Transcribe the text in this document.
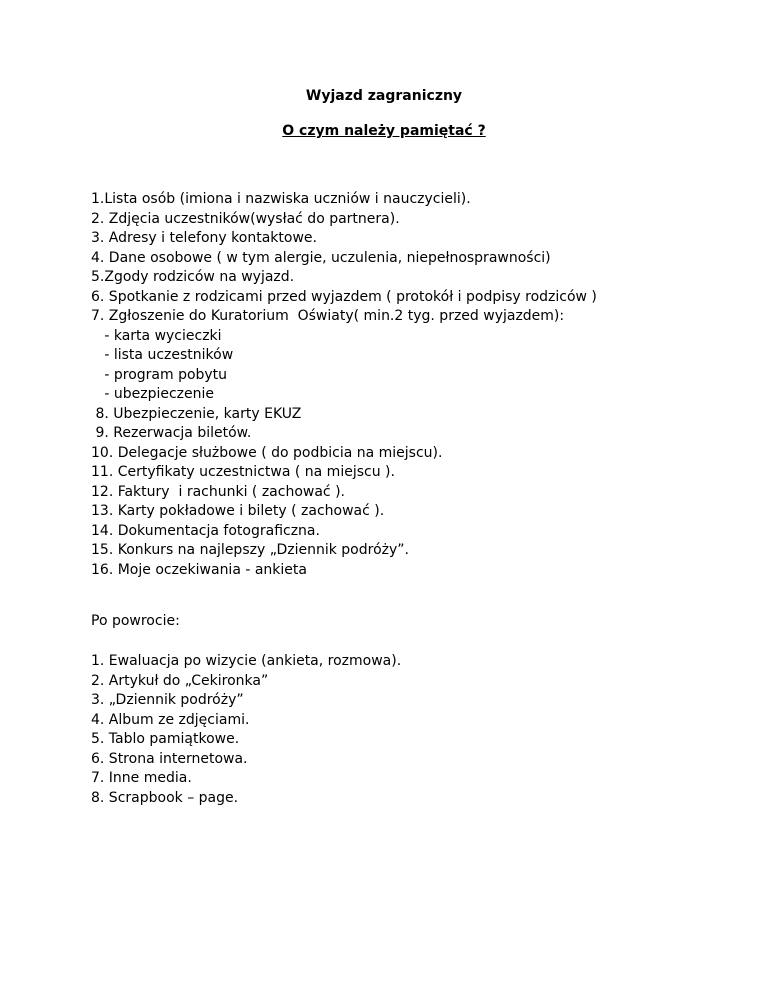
Wyjazd zagraniczny
O czym należy pamiętać ?
1.Lista osób (imiona i nazwiska uczniów i nauczycieli).
2. Zdjęcia uczestników(wysłać do partnera).
3. Adresy i telefony kontaktowe.
4. Dane osobowe ( w tym alergie, uczulenia, niepełnosprawności)
5.Zgody rodziców na wyjazd.
6. Spotkanie z rodzicami przed wyjazdem ( protokół i podpisy rodziców )
7. Zgłoszenie do Kuratorium  Oświaty( min.2 tyg. przed wyjazdem):
- karta wycieczki
- lista uczestników
- program pobytu
- ubezpieczenie
8. Ubezpieczenie, karty EKUZ
9. Rezerwacja biletów.
10. Delegacje służbowe ( do podbicia na miejscu).
11. Certyfikaty uczestnictwa ( na miejscu ).
12. Faktury  i rachunki ( zachować ).
13. Karty pokładowe i bilety ( zachować ).
14. Dokumentacja fotograficzna.
15. Konkurs na najlepszy „Dziennik podróży”.
16. Moje oczekiwania - ankieta

Po powrocie:

1. Ewaluacja po wizycie (ankieta, rozmowa).
2. Artykuł do „Cekironka”
3. „Dziennik podróży”
4. Album ze zdjęciami.
5. Tablo pamiątkowe.
6. Strona internetowa.
7. Inne media.
8. Scrapbook – page.
